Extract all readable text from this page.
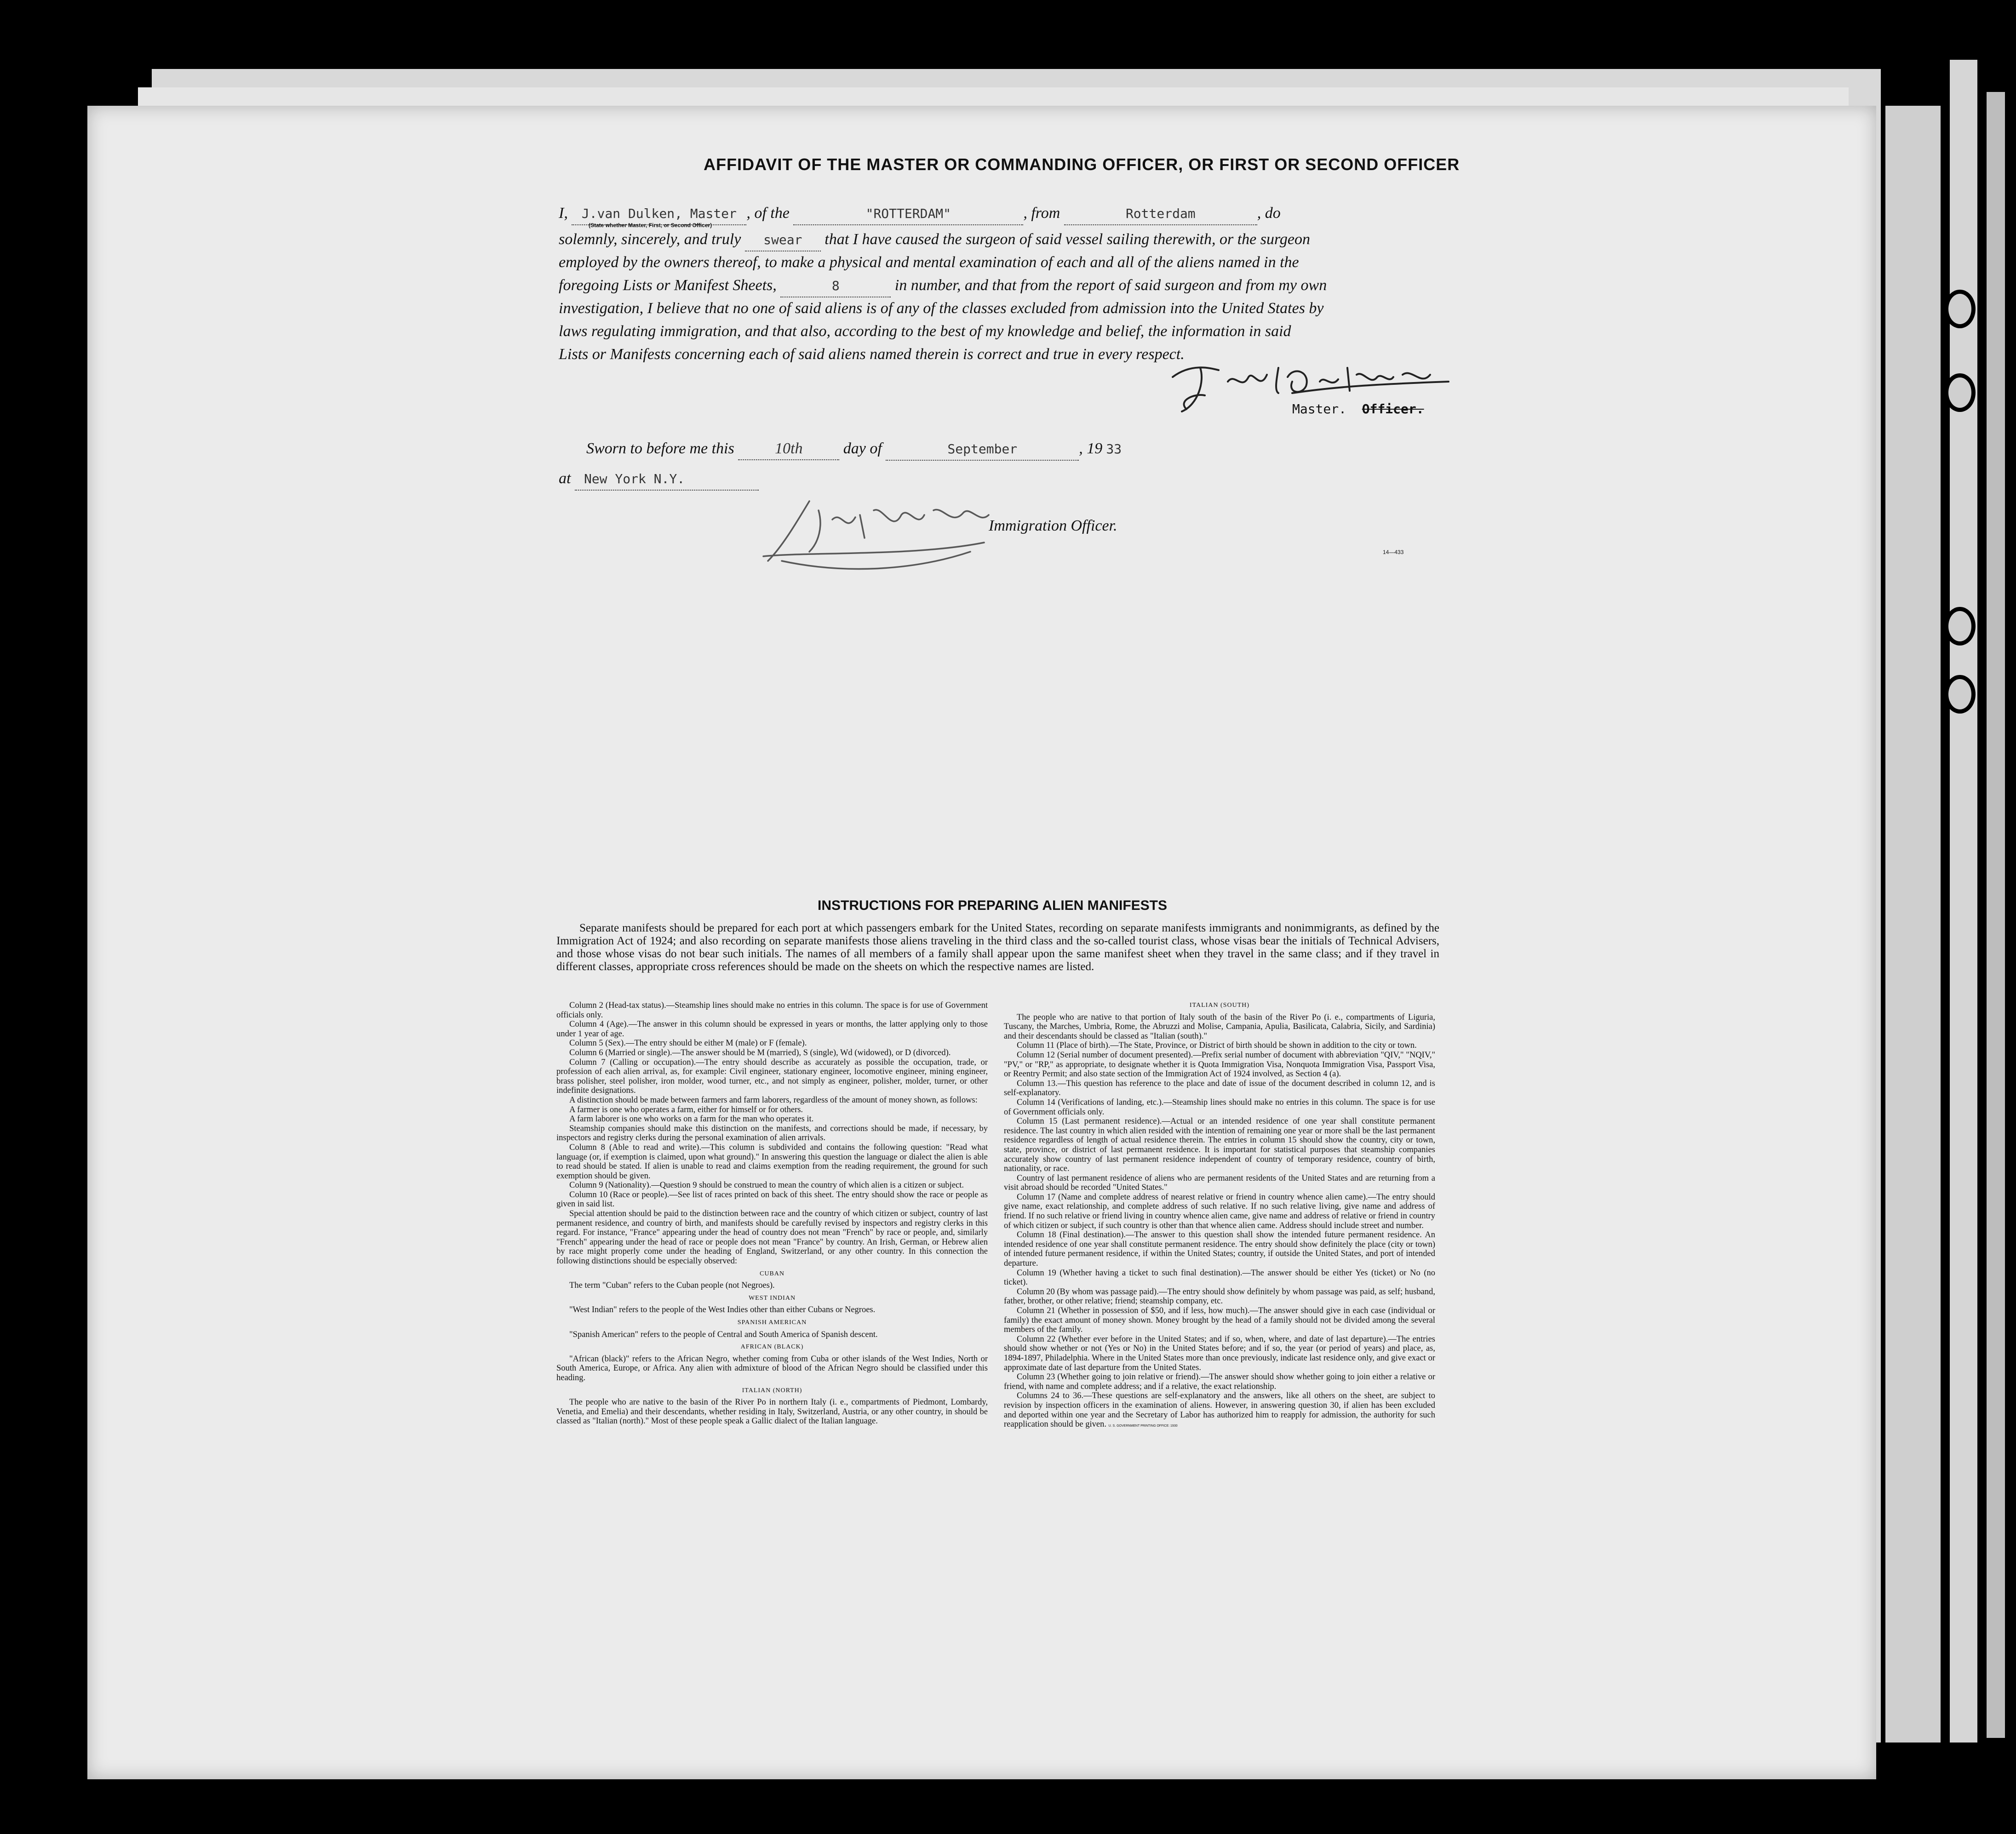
AFFIDAVIT OF THE MASTER OR COMMANDING OFFICER, OR FIRST OR SECOND OFFICER
I, J.van Dulken, Master , of the	"ROTTERDAM"	, from	Rotterdam	, do
(State whether Master, First, or Second Officer)
solemnly, sincerely, and truly swear that I have caused the surgeon of said vessel sailing therewith, or the surgeon
employed by the owners thereof, to make a physical and mental examination of each and all of the aliens named in the
foregoing Lists or Manifest Sheets,	8	in number, and that from the report of said surgeon and from my own
investigation, I believe that no one of said aliens is of any of the classes excluded from admission into the United States by
laws regulating immigration, and that also, according to the best of my knowledge and belief, the information in said
Lists or Manifests concerning each of said aliens named therein is correct and true in every respect.
Master. Officer.
Sworn to before me this	10th	day of	September	, 19 33
at New York N.Y.
Immigration Officer.
14—433
INSTRUCTIONS FOR PREPARING ALIEN MANIFESTS
Separate manifests should be prepared for each port at which passengers embark for the United States, recording on separate manifests immigrants and nonimmigrants, as defined by the Immigration Act of 1924; and also recording on separate manifests those aliens traveling in the third class and the so-called tourist class, whose visas bear the initials of Technical Advisers, and those whose visas do not bear such initials. The names of all members of a family shall appear upon the same manifest sheet when they travel in the same class; and if they travel in different classes, appropriate cross references should be made on the sheets on which the respective names are listed.

Column 2 (Head-tax status).—Steamship lines should make no entries in this column. The space is for use of Government officials only.

Column 4 (Age).—The answer in this column should be expressed in years or months, the latter applying only to those under 1 year of age.

Column 5 (Sex).—The entry should be either M (male) or F (female).

Column 6 (Married or single).—The answer should be M (married), S (single), Wd (widowed), or D (divorced).

Column 7 (Calling or occupation).—The entry should describe as accurately as possible the occupation, trade, or profession of each alien arrival, as, for example: Civil engineer, stationary engineer, locomotive engineer, mining engineer, brass polisher, steel polisher, iron molder, wood turner, etc., and not simply as engineer, polisher, molder, turner, or other indefinite designations.

A distinction should be made between farmers and farm laborers, regardless of the amount of money shown, as follows:

A farmer is one who operates a farm, either for himself or for others.

A farm laborer is one who works on a farm for the man who operates it.

Steamship companies should make this distinction on the manifests, and corrections should be made, if necessary, by inspectors and registry clerks during the personal examination of alien arrivals.

Column 8 (Able to read and write).—This column is subdivided and contains the following question: "Read what language (or, if exemption is claimed, upon what ground)." In answering this question the language or dialect the alien is able to read should be stated. If alien is unable to read and claims exemption from the reading requirement, the ground for such exemption should be given.

Column 9 (Nationality).—Question 9 should be construed to mean the country of which alien is a citizen or subject.

Column 10 (Race or people).—See list of races printed on back of this sheet. The entry should show the race or people as given in said list.

Special attention should be paid to the distinction between race and the country of which citizen or subject, country of last permanent residence, and country of birth, and manifests should be carefully revised by inspectors and registry clerks in this regard. For instance, "France" appearing under the head of country does not mean "French" by race or people, and, similarly "French" appearing under the head of race or people does not mean "France" by country. An Irish, German, or Hebrew alien by race might properly come under the heading of England, Switzerland, or any other country. In this connection the following distinctions should be especially observed:

CUBAN

The term "Cuban" refers to the Cuban people (not Negroes).

WEST INDIAN

"West Indian" refers to the people of the West Indies other than either Cubans or Negroes.

SPANISH AMERICAN

"Spanish American" refers to the people of Central and South America of Spanish descent.

AFRICAN (BLACK)

"African (black)" refers to the African Negro, whether coming from Cuba or other islands of the West Indies, North or South America, Europe, or Africa. Any alien with admixture of blood of the African Negro should be classified under this heading.

ITALIAN (NORTH)

The people who are native to the basin of the River Po in northern Italy (i. e., compartments of Piedmont, Lombardy, Venetia, and Emelia) and their descendants, whether residing in Italy, Switzerland, Austria, or any other country, in should be classed as "Italian (north)." Most of these people speak a Gallic dialect of the Italian language.

ITALIAN (SOUTH)

The people who are native to that portion of Italy south of the basin of the River Po (i. e., compartments of Liguria, Tuscany, the Marches, Umbria, Rome, the Abruzzi and Molise, Campania, Apulia, Basilicata, Calabria, Sicily, and Sardinia) and their descendants should be classed as "Italian (south)."

Column 11 (Place of birth).—The State, Province, or District of birth should be shown in addition to the city or town.

Column 12 (Serial number of document presented).—Prefix serial number of document with abbreviation "QIV," "NQIV," "PV," or "RP," as appropriate, to designate whether it is Quota Immigration Visa, Nonquota Immigration Visa, Passport Visa, or Reentry Permit; and also state section of the Immigration Act of 1924 involved, as Section 4 (a).

Column 13.—This question has reference to the place and date of issue of the document described in column 12, and is self-explanatory.

Column 14 (Verifications of landing, etc.).—Steamship lines should make no entries in this column. The space is for use of Government officials only.

Column 15 (Last permanent residence).—Actual or an intended residence of one year shall constitute permanent residence. The last country in which alien resided with the intention of remaining one year or more shall be the last permanent residence regardless of length of actual residence therein. The entries in column 15 should show the country, city or town, state, province, or district of last permanent residence. It is important for statistical purposes that steamship companies accurately show country of last permanent residence independent of country of temporary residence, country of birth, nationality, or race.

Country of last permanent residence of aliens who are permanent residents of the United States and are returning from a visit abroad should be recorded "United States."

Column 17 (Name and complete address of nearest relative or friend in country whence alien came).—The entry should give name, exact relationship, and complete address of such relative. If no such relative living, give name and address of friend. If no such relative or friend living in country whence alien came, give name and address of relative or friend in country of which citizen or subject, if such country is other than that whence alien came. Address should include street and number.

Column 18 (Final destination).—The answer to this question shall show the intended future permanent residence. An intended residence of one year shall constitute permanent residence. The entry should show definitely the place (city or town) of intended future permanent residence, if within the United States; country, if outside the United States, and port of intended departure.

Column 19 (Whether having a ticket to such final destination).—The answer should be either Yes (ticket) or No (no ticket).

Column 20 (By whom was passage paid).—The entry should show definitely by whom passage was paid, as self; husband, father, brother, or other relative; friend; steamship company, etc.

Column 21 (Whether in possession of $50, and if less, how much).—The answer should give in each case (individual or family) the exact amount of money shown. Money brought by the head of a family should not be divided among the several members of the family.

Column 22 (Whether ever before in the United States; and if so, when, where, and date of last departure).—The entries should show whether or not (Yes or No) in the United States before; and if so, the year (or period of years) and place, as, 1894-1897, Philadelphia. Where in the United States more than once previously, indicate last residence only, and give exact or approximate date of last departure from the United States.

Column 23 (Whether going to join relative or friend).—The answer should show whether going to join either a relative or friend, with name and complete address; and if a relative, the exact relationship.

Columns 24 to 36.—These questions are self-explanatory and the answers, like all others on the sheet, are subject to revision by inspection officers in the examination of aliens. However, in answering question 30, if alien has been excluded and deported within one year and the Secretary of Labor has authorized him to reapply for admission, the authority for such reapplication should be given. U. S. GOVERNMENT PRINTING OFFICE: 1930
